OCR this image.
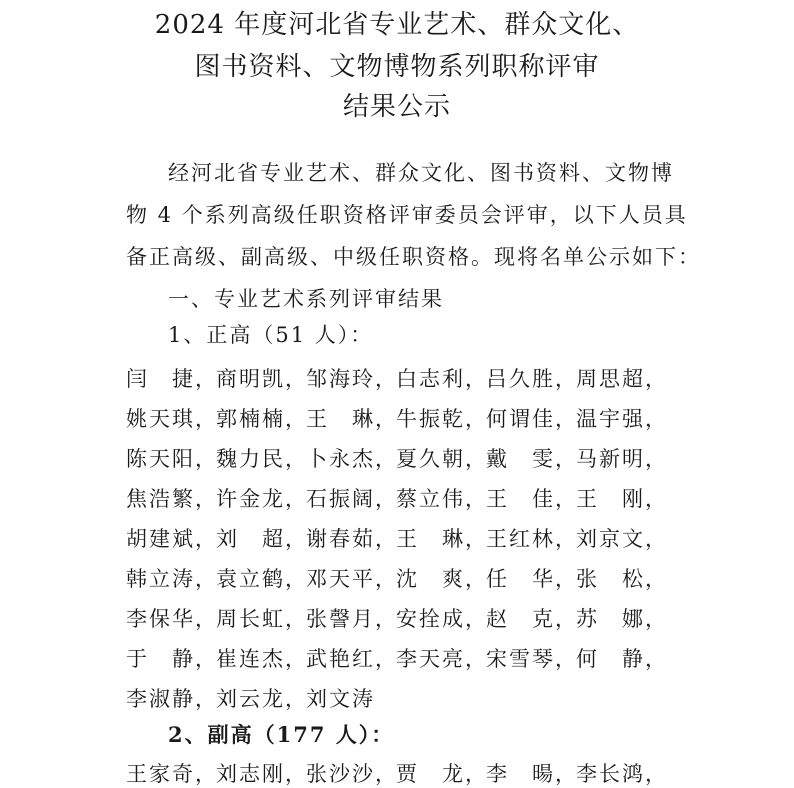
2024 年度河北省专业艺术、群众文化、
图书资料、文物博物系列职称评审
结果公示
经河北省专业艺术、群众文化、图书资料、文物博
物 4 个系列高级任职资格评审委员会评审，以下人员具
备正高级、副高级、中级任职资格。现将名单公示如下：
一、专业艺术系列评审结果
1、正高（51 人）：
闫　捷，
商明凯，
邹海玲，
白志利，
吕久胜，
周思超，
姚天琪，
郭楠楠，
王　琳，
牛振乾，
何谓佳，
温宇强，
陈天阳，
魏力民，
卜永杰，
夏久朝，
戴　雯，
马新明，
焦浩繁，
许金龙，
石振阔，
蔡立伟，
王　佳，
王　刚，
胡建斌，
刘　超，
谢春茹，
王　琳，
王红林，
刘京文，
韩立涛，
袁立鹤，
邓天平，
沈　爽，
任　华，
张　松，
李保华，
周长虹，
张謦月，
安拴成，
赵　克，
苏　娜，
于　静，
崔连杰，
武艳红，
李天亮，
宋雪琴，
何　静，
李淑静，
刘云龙，
刘文涛
2、副高（177 人）：
王家奇，
刘志刚，
张沙沙，
贾　龙，
李　暘，
李长鸿，
